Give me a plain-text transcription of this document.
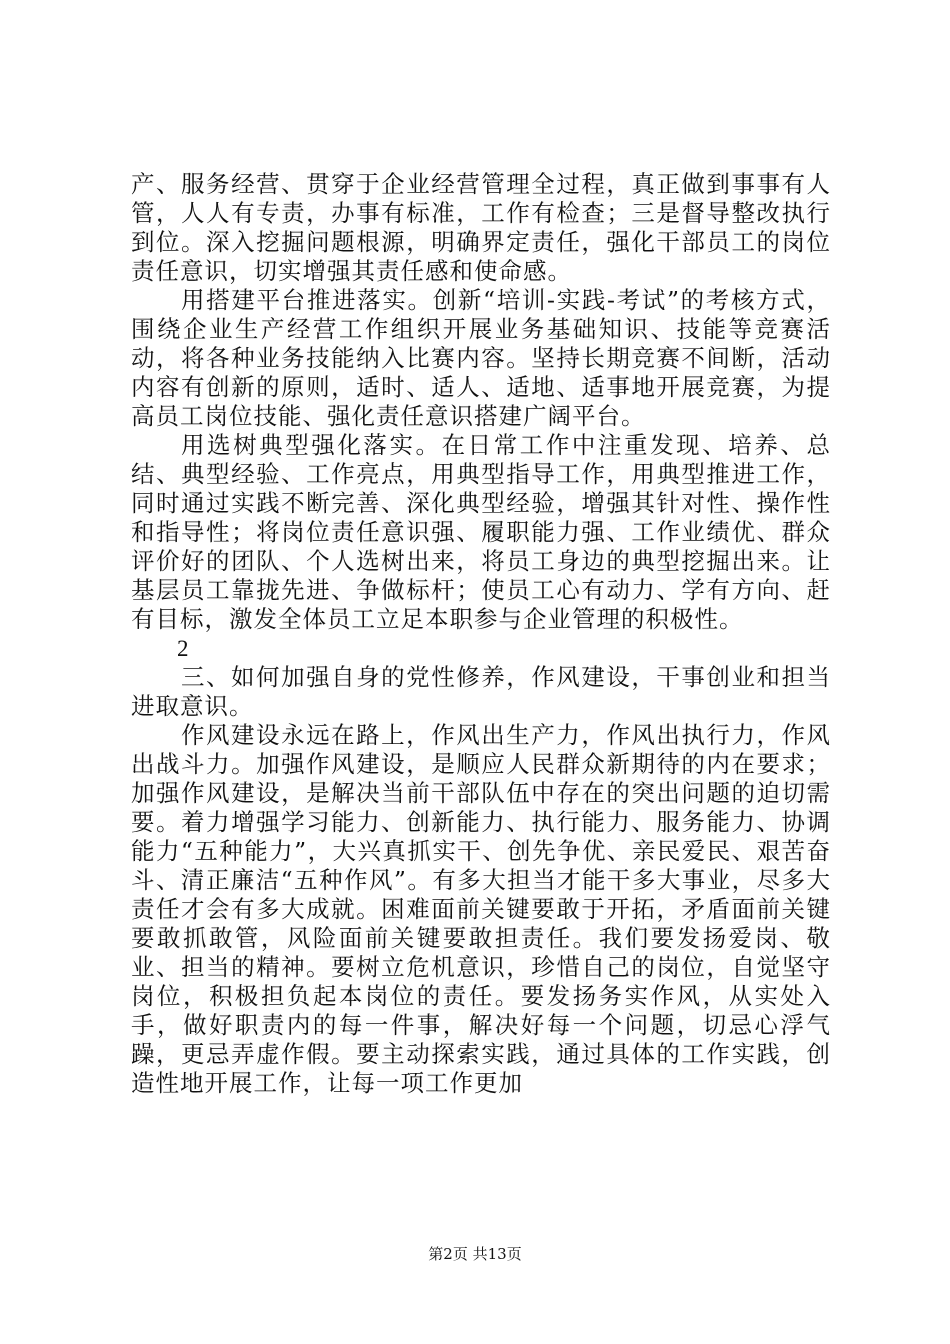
产、服务经营、贯穿于企业经营管理全过程，真正做到事事有人管，人人有专责，办事有标准，工作有检查；三是督导整改执行到位。深入挖掘问题根源，明确界定责任，强化干部员工的岗位责任意识，切实增强其责任感和使命感。

用搭建平台推进落实。创新“培训-实践-考试”的考核方式，围绕企业生产经营工作组织开展业务基础知识、技能等竞赛活动，将各种业务技能纳入比赛内容。坚持长期竞赛不间断，活动内容有创新的原则，适时、适人、适地、适事地开展竞赛，为提高员工岗位技能、强化责任意识搭建广阔平台。

用选树典型强化落实。在日常工作中注重发现、培养、总结、典型经验、工作亮点，用典型指导工作，用典型推进工作，同时通过实践不断完善、深化典型经验，增强其针对性、操作性和指导性；将岗位责任意识强、履职能力强、工作业绩优、群众评价好的团队、个人选树出来，将员工身边的典型挖掘出来。让基层员工靠拢先进、争做标杆；使员工心有动力、学有方向、赶有目标，激发全体员工立足本职参与企业管理的积极性。

2

三、如何加强自身的党性修养，作风建设，干事创业和担当进取意识。

作风建设永远在路上，作风出生产力，作风出执行力，作风出战斗力。加强作风建设，是顺应人民群众新期待的内在要求；加强作风建设，是解决当前干部队伍中存在的突出问题的迫切需要。着力增强学习能力、创新能力、执行能力、服务能力、协调能力“五种能力”，大兴真抓实干、创先争优、亲民爱民、艰苦奋斗、清正廉洁“五种作风”。有多大担当才能干多大事业，尽多大责任才会有多大成就。困难面前关键要敢于开拓，矛盾面前关键要敢抓敢管，风险面前关键要敢担责任。我们要发扬爱岗、敬业、担当的精神。要树立危机意识，珍惜自己的岗位，自觉坚守岗位，积极担负起本岗位的责任。要发扬务实作风，从实处入手，做好职责内的每一件事，解决好每一个问题，切忌心浮气躁，更忌弄虚作假。要主动探索实践，通过具体的工作实践，创造性地开展工作，让每一项工作更加

第2页 共13页
